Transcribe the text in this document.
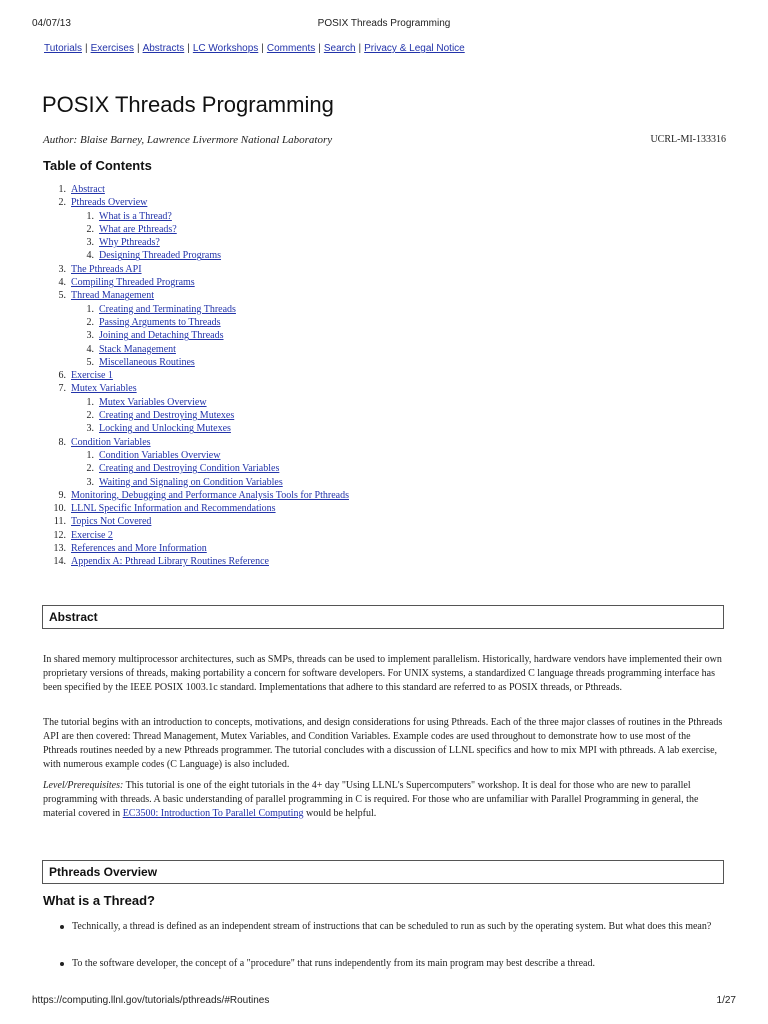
04/07/13	POSIX Threads Programming
Tutorials | Exercises | Abstracts | LC Workshops | Comments | Search | Privacy & Legal Notice
POSIX Threads Programming
Author: Blaise Barney, Lawrence Livermore National Laboratory	UCRL-MI-133316
Table of Contents
1. Abstract
2. Pthreads Overview
1. What is a Thread?
2. What are Pthreads?
3. Why Pthreads?
4. Designing Threaded Programs
3. The Pthreads API
4. Compiling Threaded Programs
5. Thread Management
1. Creating and Terminating Threads
2. Passing Arguments to Threads
3. Joining and Detaching Threads
4. Stack Management
5. Miscellaneous Routines
6. Exercise 1
7. Mutex Variables
1. Mutex Variables Overview
2. Creating and Destroying Mutexes
3. Locking and Unlocking Mutexes
8. Condition Variables
1. Condition Variables Overview
2. Creating and Destroying Condition Variables
3. Waiting and Signaling on Condition Variables
9. Monitoring, Debugging and Performance Analysis Tools for Pthreads
10. LLNL Specific Information and Recommendations
11. Topics Not Covered
12. Exercise 2
13. References and More Information
14. Appendix A: Pthread Library Routines Reference
Abstract

In shared memory multiprocessor architectures, such as SMPs, threads can be used to implement parallelism. Historically, hardware vendors have implemented their own proprietary versions of threads, making portability a concern for software developers. For UNIX systems, a standardized C language threads programming interface has been specified by the IEEE POSIX 1003.1c standard. Implementations that adhere to this standard are referred to as POSIX threads, or Pthreads.

The tutorial begins with an introduction to concepts, motivations, and design considerations for using Pthreads. Each of the three major classes of routines in the Pthreads API are then covered: Thread Management, Mutex Variables, and Condition Variables. Example codes are used throughout to demonstrate how to use most of the Pthreads routines needed by a new Pthreads programmer. The tutorial concludes with a discussion of LLNL specifics and how to mix MPI with pthreads. A lab exercise, with numerous example codes (C Language) is also included.

Level/Prerequisites: This tutorial is one of the eight tutorials in the 4+ day "Using LLNL's Supercomputers" workshop. It is deal for those who are new to parallel programming with threads. A basic understanding of parallel programming in C is required. For those who are unfamiliar with Parallel Programming in general, the material covered in EC3500: Introduction To Parallel Computing would be helpful.

Pthreads Overview
What is a Thread?
Technically, a thread is defined as an independent stream of instructions that can be scheduled to run as such by the operating system. But what does this mean?
To the software developer, the concept of a "procedure" that runs independently from its main program may best describe a thread.
https://computing.llnl.gov/tutorials/pthreads/#Routines	1/27
